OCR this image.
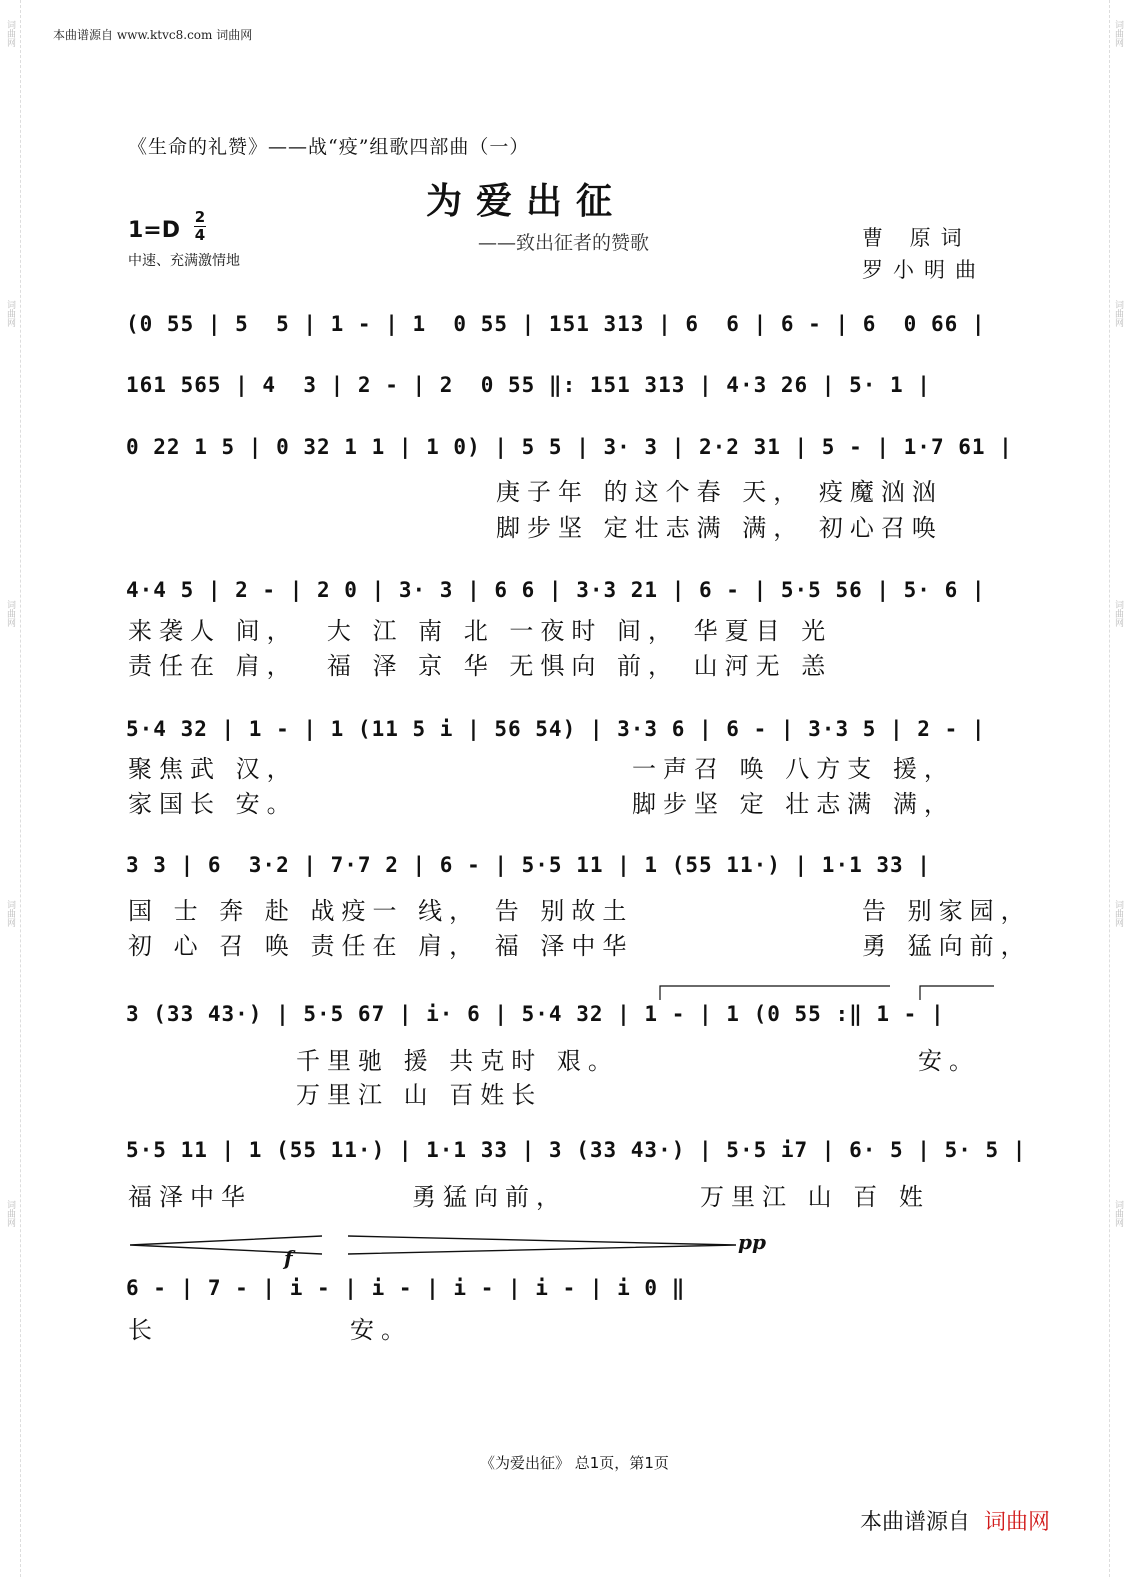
词曲网
词曲网
词曲网
词曲网
词曲网
词曲网
词曲网
词曲网
词曲网
词曲网
本曲谱源自 www.ktvc8.com 词曲网
《生命的礼赞》——战“疫”组歌四部曲（一）
为爱出征
——致出征者的赞歌	曹 原词
罗小明曲
1=D
2
4
中速、充满激情地
(0 55 | 5  5 | 1 - | 1  0 55 | 151 313 | 6  6 | 6 - | 6  0 66 |
161 565 | 4  3 | 2 - | 2  0 55 ‖: 151 313 | 4·3 26 | 5· 1 |
0 22 1 5 | 0 32 1 1 | 1 0) | 5 5 | 3· 3 | 2·2 31 | 5 - | 1·7 61 |
庚子年 的这个春 天， 疫魔汹汹
脚步坚 定壮志满 满， 初心召唤
4·4 5 | 2 - | 2 0 | 3· 3 | 6 6 | 3·3 21 | 6 - | 5·5 56 | 5· 6 |
来袭人 间，  大 江 南 北 一夜时 间， 华夏目 光
责任在 肩，  福 泽 京 华 无惧向 前， 山河无 恙
5·4 32 | 1 - | 1 (11 5 i | 56 54) | 3·3 6 | 6 - | 3·3 5 | 2 - |
聚焦武 汉，
家国长 安。
一声召 唤 八方支 援，
脚步坚 定 壮志满 满，
3 3 | 6  3·2 | 7·7 2 | 6 - | 5·5 11 | 1 (55 11·) | 1·1 33 |
国 士 奔 赴 战疫一 线， 告 别故土
初 心 召 唤 责任在 肩， 福 泽中华
告 别家园，
勇 猛向前，
3 (33 43·) | 5·5 67 | i· 6 | 5·4 32 | 1 - | 1 (0 55 :‖ 1 - |
千里驰 援 共克时 艰。
万里江 山 百姓长
安。
5·5 11 | 1 (55 11·) | 1·1 33 | 3 (33 43·) | 5·5 i7 | 6· 5 | 5· 5 |
福泽中华	勇猛向前，	万里江 山 百 姓
6 - | 7 - | i - | i - | i - | i - | i 0 ‖
长	安。
f
pp
《为爱出征》 总1页，第1页
本曲谱源自 词曲网
